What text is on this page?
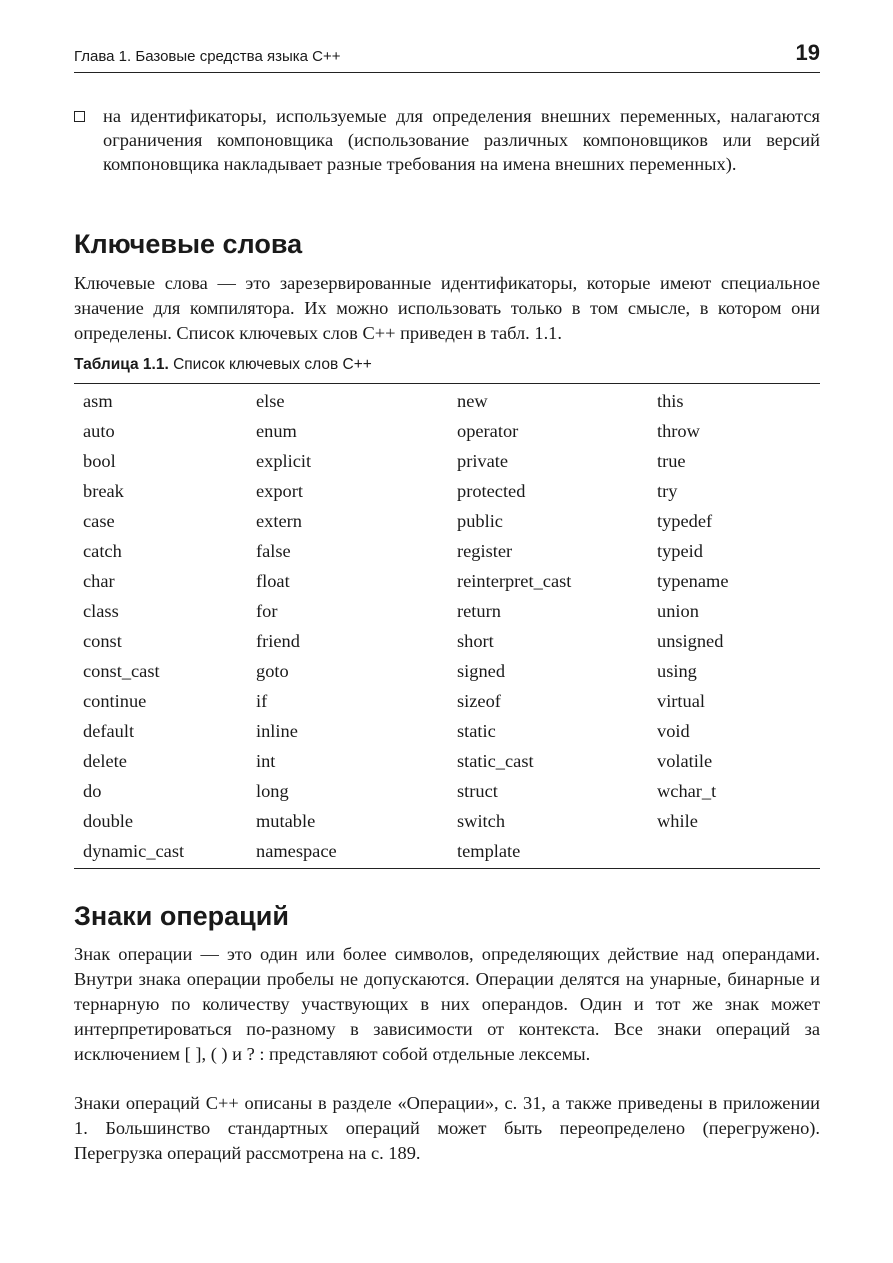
Глава 1. Базовые средства языка С++	19
на идентификаторы, используемые для определения внешних переменных, налагаются ограничения компоновщика (использование различных компоновщиков или версий компоновщика накладывает разные требования на имена внешних переменных).
Ключевые слова

Ключевые слова — это зарезервированные идентификаторы, которые имеют специальное значение для компилятора. Их можно использовать только в том смысле, в котором они определены. Список ключевых слов С++ приведен в табл. 1.1.

Таблица 1.1. Список ключевых слов С++
asm	else	new	this
auto	enum	operator	throw
bool	explicit	private	true
break	export	protected	try
case	extern	public	typedef
catch	false	register	typeid
char	float	reinterpret_cast	typename
class	for	return	union
const	friend	short	unsigned
const_cast	goto	signed	using
continue	if	sizeof	virtual
default	inline	static	void
delete	int	static_cast	volatile
do	long	struct	wchar_t
double	mutable	switch	while
dynamic_cast	namespace	template	
Знаки операций

Знак операции — это один или более символов, определяющих действие над операндами. Внутри знака операции пробелы не допускаются. Операции делятся на унарные, бинарные и тернарную по количеству участвующих в них операндов. Один и тот же знак может интерпретироваться по-разному в зависимости от контекста. Все знаки операций за исключением [ ], ( ) и ? : представляют собой отдельные лексемы.

Знаки операций С++ описаны в разделе «Операции», с. 31, а также приведены в приложении 1. Большинство стандартных операций может быть переопределено (перегружено). Перегрузка операций рассмотрена на с. 189.
